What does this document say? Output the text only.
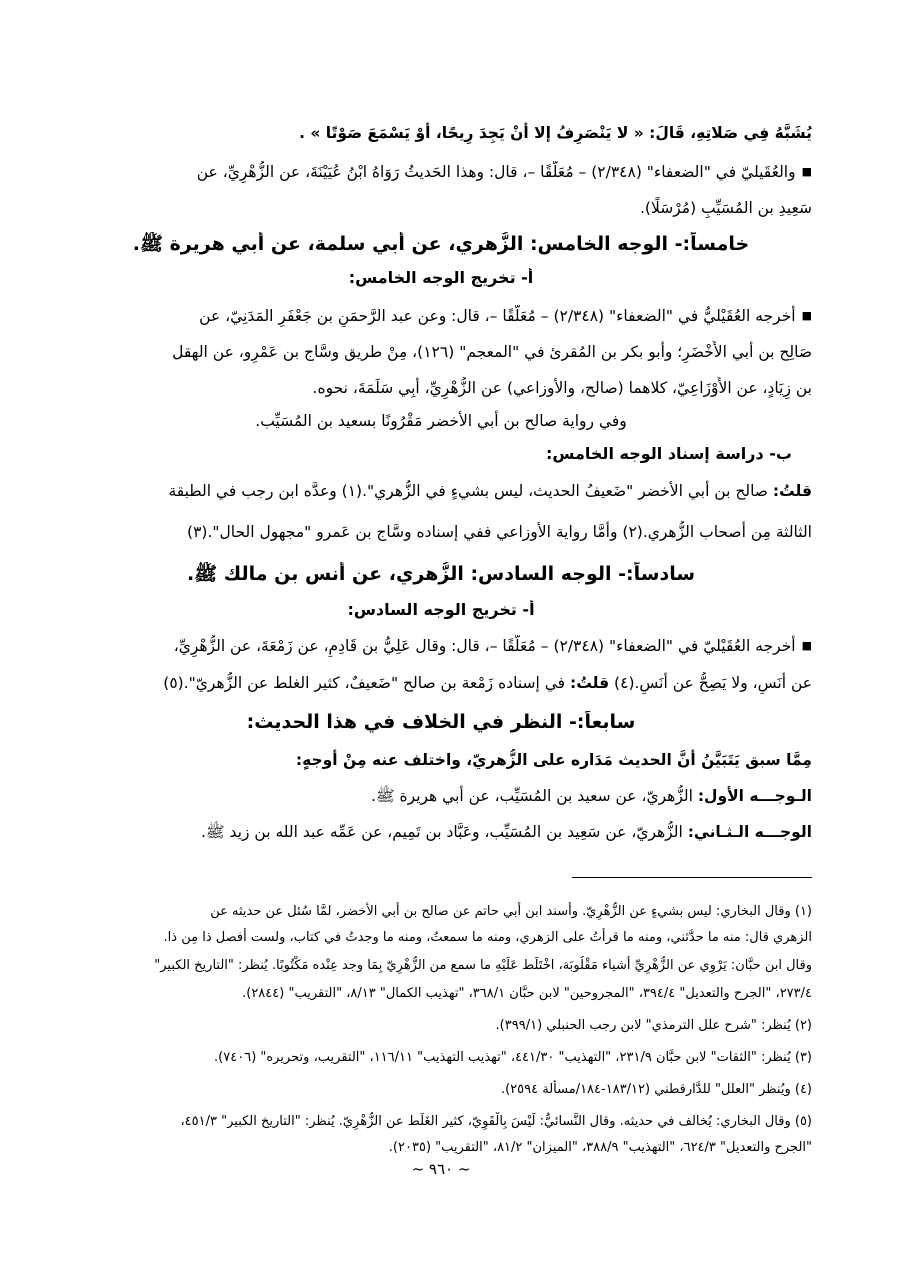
يُشَبَّهُ فِي صَلاتِهِ، قَالَ: « لا يَنْصَرِفُ إلا أنْ يَجِدَ رِيحًا، أَوْ يَسْمَعَ صَوْتًا » .
■والعُقَيليّ في "الضعفاء" (٢/٣٤٨) – مُعَلَّقًا –، قال: وهذا الحَديثُ رَوَاهُ ابْنُ عُيَيْنَةَ، عن الزُّهْرِيِّ، عن
سَعِيدِ بن المُسَيِّبِ (مُرْسَلًا).
خامساً:- الوجه الخامس: الزُّهري، عن أبي سلمة، عن أبي هريرة ﷺ.
أ- تخريج الوجه الخامس:
■أخرجه العُقَيْليُّ في "الضعفاء" (٢/٣٤٨) – مُعَلَّقًا –، قال: وعن عبد الرَّحمَنِ بن جَعْفَرٍ المَدَنِيّ، عن
صَالِح بن أبي الأَخْضَرِ؛ وأبو بكر بن المُقرئ في "المعجم" (١٢٦)، مِنْ طريق وسَّاج بن عَمْرٍو، عن الهقل
بن زِيَادٍ، عن الأَوْزَاعِيّ، كلاهما (صالح، والأوزاعي) عن الزُّهْرِيِّ، أَبِي سَلَمَةَ، نحوه.
وفي رواية صالح بن أبي الأخضر مَقْرُونًا بسعيد بن المُسَيِّب.
ب- دراسة إسناد الوجه الخامس:
قلتُ: صالح بن أبي الأخضر "ضَعيفُ الحديث، ليس بشيءٍ في الزُّهري".(١) وعدَّه ابن رجب في الطبقة
الثالثة مِن أصحاب الزُّهري.(٢) وأمَّا رواية الأوزاعي ففي إسناده وسَّاج بن عَمرو "مجهول الحال".(٣)
سادساً:- الوجه السادس: الزُّهري، عن أنس بن مالك ﷺ.
أ- تخريج الوجه السادس:
■أخرجه العُقَيْليّ في "الضعفاء" (٢/٣٤٨) – مُعَلَّقًا –، قال: وقال عَلِيُّ بن قَادِمٍ، عن زَمْعَةَ، عن الزُّهْرِيِّ،
عن أَنَسٍ، ولا يَصِحُّ عن أَنَسٍ.(٤) قلتُ: في إسناده زَمْعة بن صالح "ضَعيفٌ، كثير الغلط عن الزُّهريّ".(٥)
سابعاً:- النظر في الخلاف في هذا الحديث:
مِمَّا سبق يَتَبَيَّنُ أنَّ الحديث مَدَاره على الزُّهريّ، واختلف عنه مِنْ أوجهٍ:
الـوجـــه الأول: الزُّهريّ، عن سعيد بن المُسَيِّب، عن أبي هريرة ﷺ.
الوجـــه الـثـاني: الزُّهريّ، عن سَعِيد بن المُسَيِّب، وعَبَّاد بن تَمِيم، عن عَمِّه عبد الله بن زيد ﷺ.
(١) وقال البخاري: ليس بشيءٍ عن الزُّهْرِيّ. وأسند ابن أبي حاتم عن صالح بن أبي الأخضر، لمَّا سُئل عن حديثه عن
الزهري قال: منه ما حدَّثني، ومنه ما قرأتُ على الزهري، ومنه ما سمعتُ، ومنه ما وجدتُ في كتاب، ولست أفصل ذا مِن ذا.
وقال ابن حبَّان: يَرْوِي عن الزُّهْرِيِّ أشياء مَقْلُوبَة، اخْتَلَط عَلَيْهِ ما سمع من الزُّهْرِيّ بِمَا وجد عِنْده مَكْتُوبًا. يُنظر: "التاريخ الكبير"
٢٧٣/٤، "الجرح والتعديل" ٣٩٤/٤، "المجروحين" لابن حبَّان ٣٦٨/١، "تهذيب الكمال" ٨/١٣، "التقريب" (٢٨٤٤).
(٢) يُنظر: "شرح علل الترمذي" لابن رجب الحنبلي (٣٩٩/١).
(٣) يُنظر: "الثقات" لابن حبَّان ٢٣١/٩، "التهذيب" ٤٤١/٣٠، "تهذيب التهذيب" ١١٦/١١، "التقريب، وتحريره" (٧٤٠٦).
(٤) ويُنظر "العلل" للدَّارقطني (١٨٣/١٢-١٨٤/مسألة ٢٥٩٤).
(٥) وقال البخاري: يُخالف في حديثه. وقال النَّسائيُّ: لَيْسَ بِالْقَوِيّ، كثير الغَلَط عن الزُّهْرِيّ. يُنظر: "التاريخ الكبير" ٤٥١/٣،
"الجرح والتعديل" ٦٢٤/٣، "التهذيب" ٣٨٨/٩، "الميزان" ٨١/٢، "التقريب" (٢٠٣٥).
~ ٩٦٠ ~
